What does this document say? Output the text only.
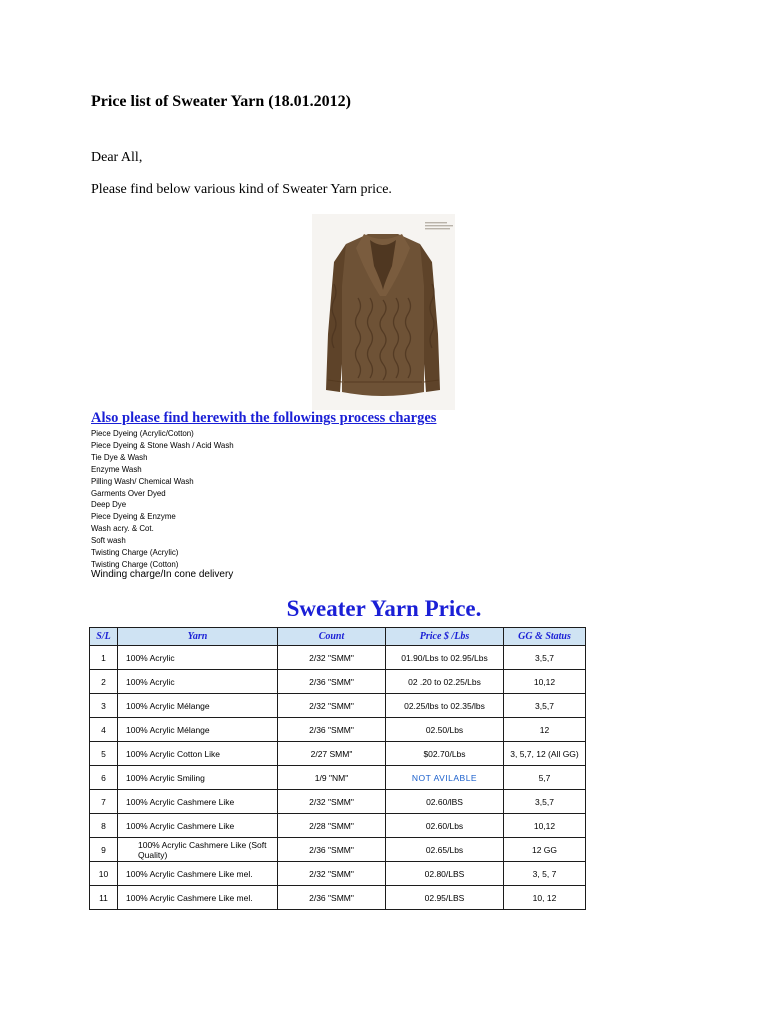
Price list of Sweater Yarn (18.01.2012)
Dear All,
Please find below various kind of Sweater Yarn price.
Also please find herewith the followings process charges
Piece Dyeing (Acrylic/Cotton)
Piece Dyeing & Stone Wash / Acid Wash
Tie Dye & Wash
Enzyme Wash
Pilling Wash/ Chemical Wash
Garments Over Dyed
Deep Dye
Piece Dyeing & Enzyme
Wash acry. & Cot.
Soft wash
Twisting Charge (Acrylic)
Twisting Charge (Cotton)
Winding charge/In cone delivery
Sweater Yarn Price.
S/L	Yarn	Count	Price $ /Lbs	GG & Status
1	100% Acrylic	2/32 "SMM"	01.90/Lbs to 02.95/Lbs	3,5,7
2	100% Acrylic	2/36 "SMM"	02 .20 to 02.25/Lbs	10,12
3	100% Acrylic Mélange	2/32 "SMM"	02.25/lbs to 02.35/lbs	3,5,7
4	100% Acrylic Mélange	2/36 "SMM"	02.50/Lbs	12
5	100% Acrylic Cotton Like	2/27 SMM"	$02.70/Lbs	3, 5,7, 12 (All GG)
6	100% Acrylic Smiling	1/9 "NM"	NOT AVILABLE	5,7
7	100% Acrylic Cashmere Like	2/32 "SMM"	02.60/lBS	3,5,7
8	100% Acrylic Cashmere Like	2/28 "SMM"	02.60/Lbs	10,12
9	100% Acrylic Cashmere Like (Soft Quality)	2/36 "SMM"	02.65/Lbs	12 GG
10	100% Acrylic Cashmere Like mel.	2/32 "SMM"	02.80/LBS	3, 5, 7
11	100% Acrylic Cashmere Like mel.	2/36 "SMM"	02.95/LBS	10, 12
